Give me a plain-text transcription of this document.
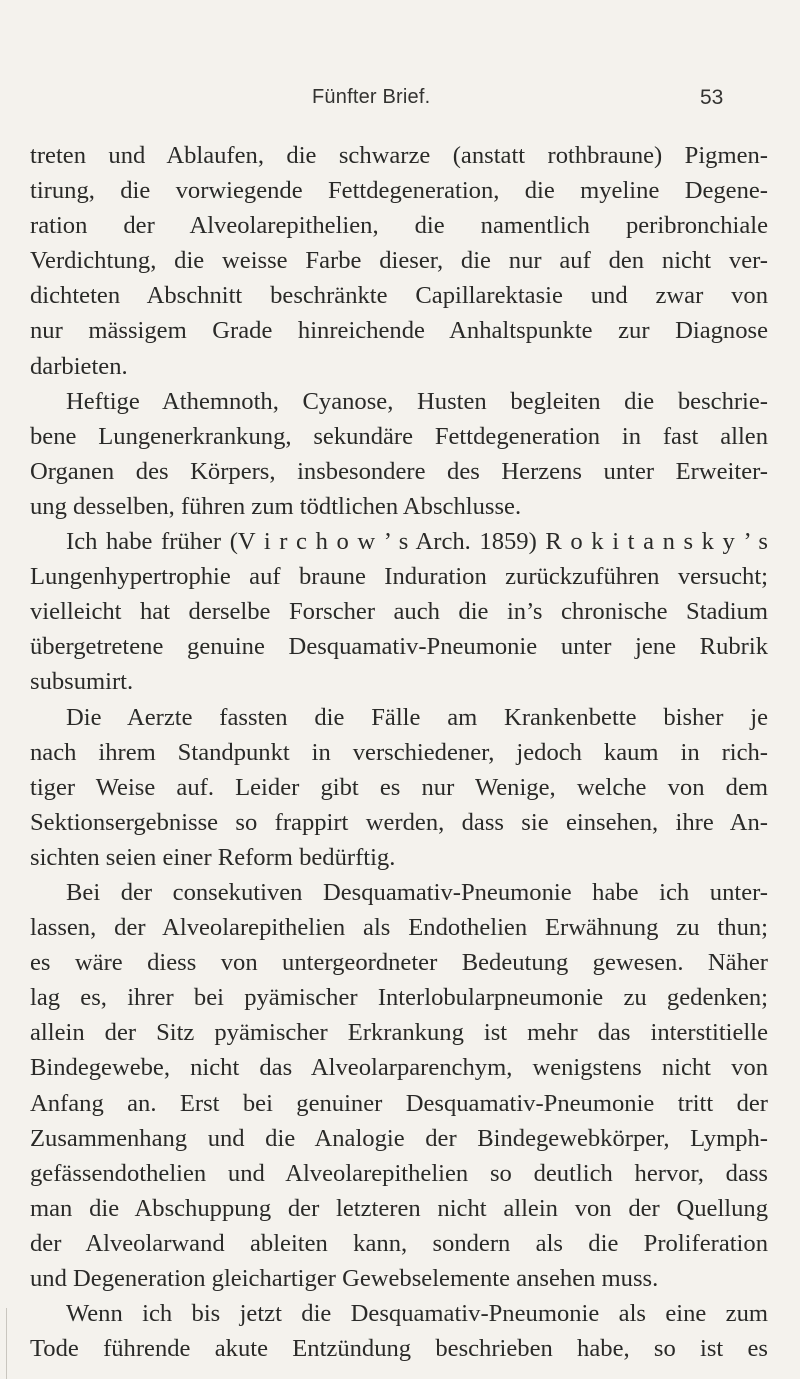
Fünfter Brief.	53
treten und Ablaufen, die schwarze (anstatt rothbraune) Pigmen-
tirung, die vorwiegende Fettdegeneration, die myeline Degene-
ration der Alveolarepithelien, die namentlich peribronchiale
Verdichtung, die weisse Farbe dieser, die nur auf den nicht ver-
dichteten Abschnitt beschränkte Capillarektasie und zwar von
nur mässigem Grade hinreichende Anhaltspunkte zur Diagnose
darbieten.
Heftige Athemnoth, Cyanose, Husten begleiten die beschrie-
bene Lungenerkrankung, sekundäre Fettdegeneration in fast allen
Organen des Körpers, insbesondere des Herzens unter Erweiter-
ung desselben, führen zum tödtlichen Abschlusse.
Ich habe früher (V i r c h o w ’ s Arch. 1859) R o k i t a n s k y ’ s
Lungenhypertrophie auf braune Induration zurückzuführen versucht;
vielleicht hat derselbe Forscher auch die in’s chronische Stadium
übergetretene genuine Desquamativ-Pneumonie unter jene Rubrik
subsumirt.
Die Aerzte fassten die Fälle am Krankenbette bisher je
nach ihrem Standpunkt in verschiedener, jedoch kaum in rich-
tiger Weise auf. Leider gibt es nur Wenige, welche von dem
Sektionsergebnisse so frappirt werden, dass sie einsehen, ihre An-
sichten seien einer Reform bedürftig.
Bei der consekutiven Desquamativ-Pneumonie habe ich unter-
lassen, der Alveolarepithelien als Endothelien Erwähnung zu thun;
es wäre diess von untergeordneter Bedeutung gewesen. Näher
lag es, ihrer bei pyämischer Interlobularpneumonie zu gedenken;
allein der Sitz pyämischer Erkrankung ist mehr das interstitielle
Bindegewebe, nicht das Alveolarparenchym, wenigstens nicht von
Anfang an. Erst bei genuiner Desquamativ-Pneumonie tritt der
Zusammenhang und die Analogie der Bindegewebkörper, Lymph-
gefässendothelien und Alveolarepithelien so deutlich hervor, dass
man die Abschuppung der letzteren nicht allein von der Quellung
der Alveolarwand ableiten kann, sondern als die Proliferation
und Degeneration gleichartiger Gewebselemente ansehen muss.
Wenn ich bis jetzt die Desquamativ-Pneumonie als eine zum
Tode führende akute Entzündung beschrieben habe, so ist es
